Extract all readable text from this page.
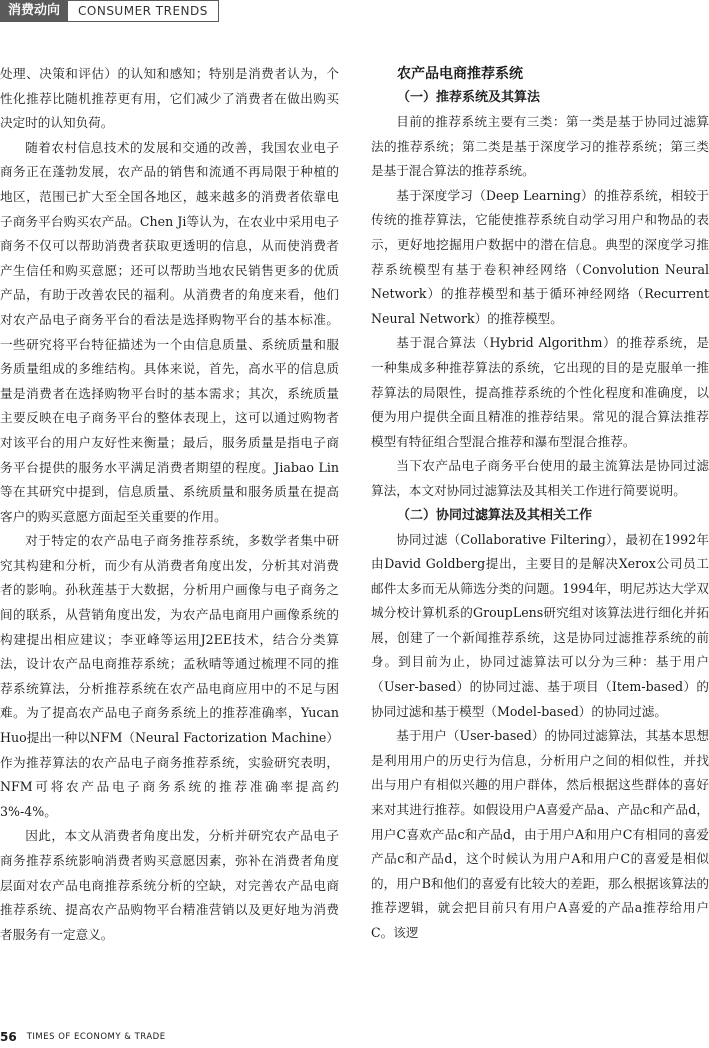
消费动向	CONSUMER TRENDS

处理、决策和评估）的认知和感知；特别是消费者认为，个性化推荐比随机推荐更有用，它们减少了消费者在做出购买决定时的认知负荷。

随着农村信息技术的发展和交通的改善，我国农业电子商务正在蓬勃发展，农产品的销售和流通不再局限于种植的地区，范围已扩大至全国各地区，越来越多的消费者依靠电子商务平台购买农产品。Chen Ji等认为，在农业中采用电子商务不仅可以帮助消费者获取更透明的信息，从而使消费者产生信任和购买意愿；还可以帮助当地农民销售更多的优质产品，有助于改善农民的福利。从消费者的角度来看，他们对农产品电子商务平台的看法是选择购物平台的基本标准。一些研究将平台特征描述为一个由信息质量、系统质量和服务质量组成的多维结构。具体来说，首先，高水平的信息质量是消费者在选择购物平台时的基本需求；其次，系统质量主要反映在电子商务平台的整体表现上，这可以通过购物者对该平台的用户友好性来衡量；最后，服务质量是指电子商务平台提供的服务水平满足消费者期望的程度。Jiabao Lin等在其研究中提到，信息质量、系统质量和服务质量在提高客户的购买意愿方面起至关重要的作用。

对于特定的农产品电子商务推荐系统，多数学者集中研究其构建和分析，而少有从消费者角度出发，分析其对消费者的影响。孙秋莲基于大数据，分析用户画像与电子商务之间的联系，从营销角度出发，为农产品电商用户画像系统的构建提出相应建议；李亚峰等运用J2EE技术，结合分类算法，设计农产品电商推荐系统；孟秋晴等通过梳理不同的推荐系统算法，分析推荐系统在农产品电商应用中的不足与困难。为了提高农产品电子商务系统上的推荐准确率，Yucan Huo提出一种以NFM（Neural Factorization Machine）作为推荐算法的农产品电子商务推荐系统，实验研究表明，NFM可将农产品电子商务系统的推荐准确率提高约3%-4%。

因此，本文从消费者角度出发，分析并研究农产品电子商务推荐系统影响消费者购买意愿因素，弥补在消费者角度层面对农产品电商推荐系统分析的空缺，对完善农产品电商推荐系统、提高农产品购物平台精准营销以及更好地为消费者服务有一定意义。

农产品电商推荐系统
（一）推荐系统及其算法

目前的推荐系统主要有三类：第一类是基于协同过滤算法的推荐系统；第二类是基于深度学习的推荐系统；第三类是基于混合算法的推荐系统。

基于深度学习（Deep Learning）的推荐系统，相较于传统的推荐算法，它能使推荐系统自动学习用户和物品的表示，更好地挖掘用户数据中的潜在信息。典型的深度学习推荐系统模型有基于卷积神经网络（Convolution Neural Network）的推荐模型和基于循环神经网络（Recurrent Neural Network）的推荐模型。

基于混合算法（Hybrid Algorithm）的推荐系统，是一种集成多种推荐算法的系统，它出现的目的是克服单一推荐算法的局限性，提高推荐系统的个性化程度和准确度，以便为用户提供全面且精准的推荐结果。常见的混合算法推荐模型有特征组合型混合推荐和瀑布型混合推荐。

当下农产品电子商务平台使用的最主流算法是协同过滤算法，本文对协同过滤算法及其相关工作进行简要说明。

（二）协同过滤算法及其相关工作

协同过滤（Collaborative Filtering），最初在1992年由David Goldberg提出，主要目的是解决Xerox公司员工邮件太多而无从筛选分类的问题。1994年，明尼苏达大学双城分校计算机系的GroupLens研究组对该算法进行细化并拓展，创建了一个新闻推荐系统，这是协同过滤推荐系统的前身。到目前为止，协同过滤算法可以分为三种：基于用户（User-based）的协同过滤、基于项目（Item-based）的协同过滤和基于模型（Model-based）的协同过滤。

基于用户（User-based）的协同过滤算法，其基本思想是利用用户的历史行为信息，分析用户之间的相似性，并找出与用户有相似兴趣的用户群体，然后根据这些群体的喜好来对其进行推荐。如假设用户A喜爱产品a、产品c和产品d，用户C喜欢产品c和产品d，由于用户A和用户C有相同的喜爱产品c和产品d，这个时候认为用户A和用户C的喜爱是相似的，用户B和他们的喜爱有比较大的差距，那么根据该算法的推荐逻辑，就会把目前只有用户A喜爱的产品a推荐给用户C。该逻

56 TIMES OF ECONOMY & TRADE
